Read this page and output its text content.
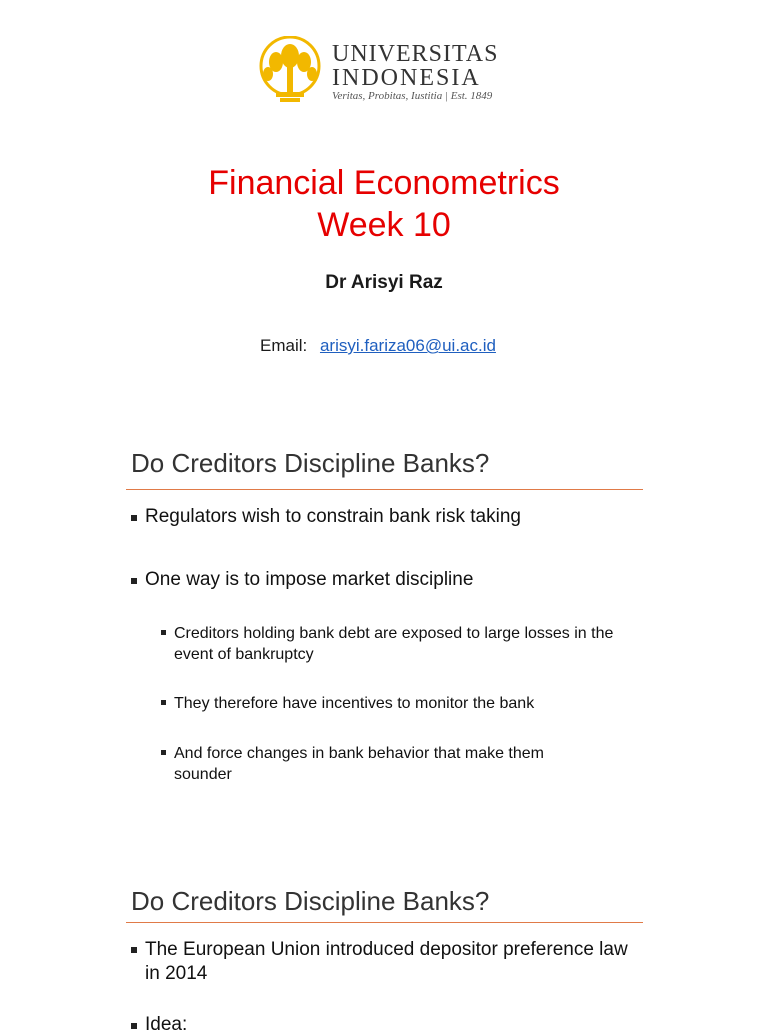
UNIVERSITAS
INDONESIA
Veritas, Probitas, Iustitia | Est. 1849
Financial Econometrics
Week 10
Dr Arisyi Raz
Email: arisyi.fariza06@ui.ac.id
Do Creditors Discipline Banks?
Regulators wish to constrain bank risk taking
One way is to impose market discipline
Creditors holding bank debt are exposed to large losses in the event of bankruptcy
They therefore have incentives to monitor the bank
And force changes in bank behavior that make them sounder
Do Creditors Discipline Banks?
The European Union introduced depositor preference law in 2014
Idea:
